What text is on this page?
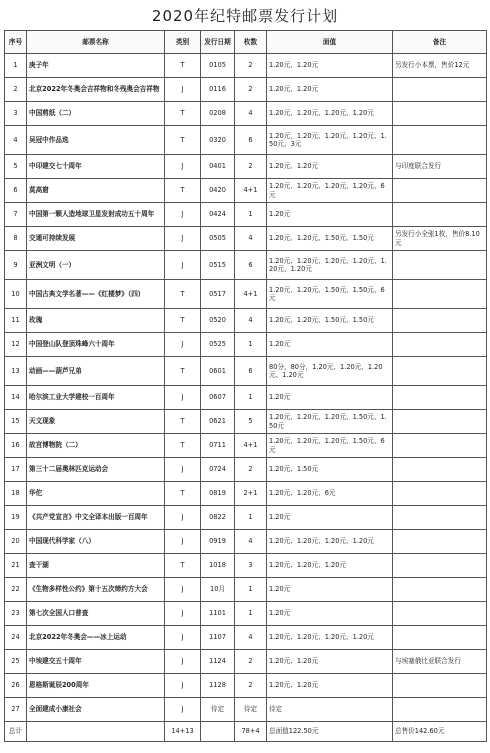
2020年纪特邮票发行计划
序号	邮票名称	类别	发行日期	枚数	面值	备注
1	庚子年	T	0105	2	1.20元、1.20元	另发行小本票，售价12元
2	北京2022年冬奥会吉祥物和冬残奥会吉祥物	J	0116	2	1.20元、1.20元	
3	中国剪纸（二）	T	0208	4	1.20元、1.20元、1.20元、1.20元	
4	吴冠中作品选	T	0320	6	1.20元，1.20元、1.20元、1.20元、1.50元、3元	
5	中印建交七十周年	J	0401	2	1.20元、1.20元	与印度联合发行
6	莫高窟	T	0420	4+1	1.20元、1.20元、1.20元、1.20元、6元	
7	中国第一颗人造地球卫星发射成功五十周年	J	0424	1	1.20元	
8	交通可持续发展	J	0505	4	1.20元、1.20元、1.50元、1.50元	另发行小全张1枚，售价8.10元
9	亚洲文明（一）	J	0515	6	1.20元、1.20元、1.20元、1.20元、1.20元、1.20元	
10	中国古典文学名著——《红楼梦》（四）	T	0517	4+1	1.20元、1.20元、1.50元、1.50元、6元	
11	玫瑰	T	0520	4	1.20元、1.20元、1.50元、1.50元	
12	中国登山队登顶珠峰六十周年	J	0525	1	1.20元	
13	动画——葫芦兄弟	T	0601	6	80分，80分，1.20元、1.20元、1.20元、1.20元	
14	哈尔滨工业大学建校一百周年	J	0607	1	1.20元	
15	天文现象	T	0621	5	1.20元、1.20元、1.20元、1.50元、1.50元	
16	故宫博物院（二）	T	0711	4+1	1.20元、1.20元、1.20元、1.50元、6元	
17	第三十二届奥林匹克运动会	J	0724	2	1.20元、1.50元	
18	华佗	T	0819	2+1	1.20元、1.20元、6元	
19	《共产党宣言》中文全译本出版一百周年	J	0822	1	1.20元	
20	中国现代科学家（八）	J	0919	4	1.20元、1.20元、1.20元、1.20元	
21	查干湖	T	1018	3	1.20元、1.20元、1.20元	
22	《生物多样性公约》第十五次缔约方大会	J	10月	1	1.20元	
23	第七次全国人口普查	J	1101	1	1.20元	
24	北京2022年冬奥会——冰上运动	J	1107	4	1.20元、1.20元、1.20元、1.20元	
25	中埃建交五十周年	J	1124	2	1.20元、1.20元	与埃塞俄比亚联合发行
26	恩格斯诞辰200周年	J	1128	2	1.20元、1.20元	
27	全面建成小康社会	J	待定	待定	待定	
总计		14+13		78+4	总面值122.50元	总售价142.60元
